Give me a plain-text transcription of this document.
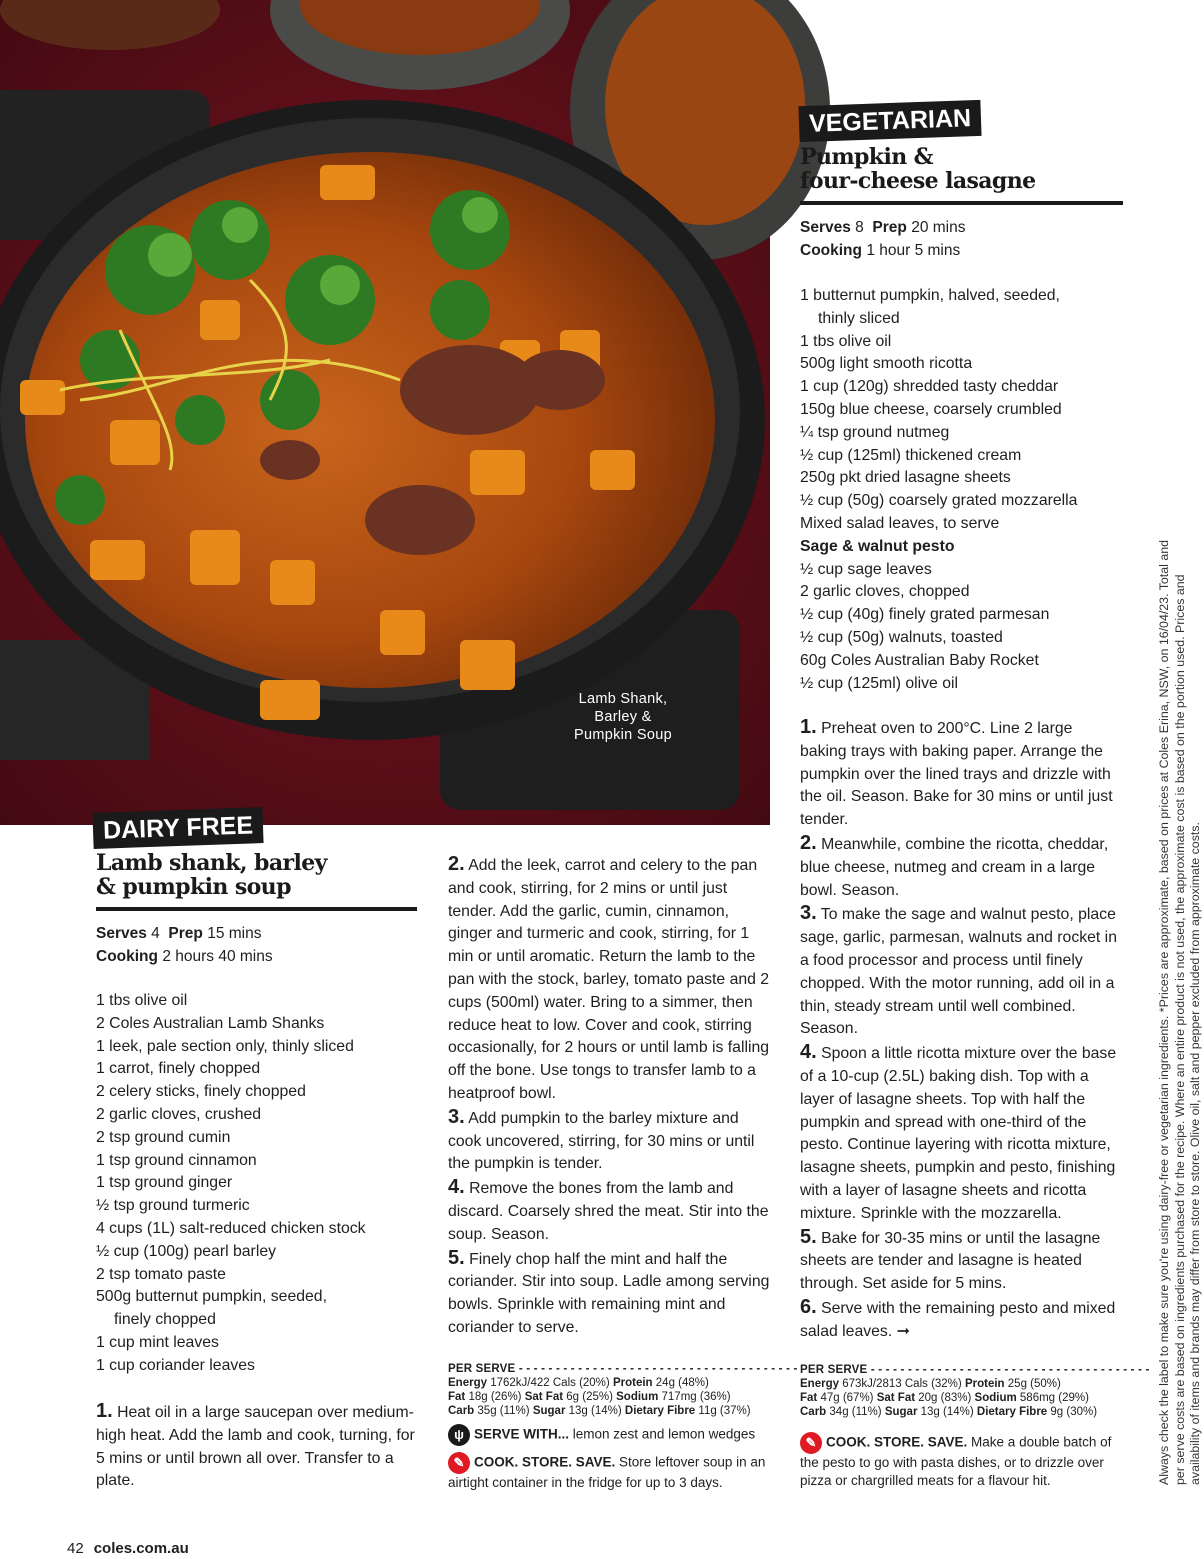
Lamb Shank,
Barley &
Pumpkin Soup
VEGETARIAN
Pumpkin &
four-cheese lasagne
Serves 8 Prep 20 mins
Cooking 1 hour 5 mins
1 butternut pumpkin, halved, seeded,
thinly sliced
1 tbs olive oil
500g light smooth ricotta
1 cup (120g) shredded tasty cheddar
150g blue cheese, coarsely crumbled
¼ tsp ground nutmeg
½ cup (125ml) thickened cream
250g pkt dried lasagne sheets
½ cup (50g) coarsely grated mozzarella
Mixed salad leaves, to serve
Sage & walnut pesto
½ cup sage leaves
2 garlic cloves, chopped
½ cup (40g) finely grated parmesan
½ cup (50g) walnuts, toasted
60g Coles Australian Baby Rocket
½ cup (125ml) olive oil

1. Preheat oven to 200°C. Line 2 large baking trays with baking paper. Arrange the pumpkin over the lined trays and drizzle with the oil. Season. Bake for 30 mins or until just tender.

2. Meanwhile, combine the ricotta, cheddar, blue cheese, nutmeg and cream in a large bowl. Season.

3. To make the sage and walnut pesto, place sage, garlic, parmesan, walnuts and rocket in a food processor and process until finely chopped. With the motor running, add oil in a thin, steady stream until well combined. Season.

4. Spoon a little ricotta mixture over the base of a 10-cup (2.5L) baking dish. Top with a layer of lasagne sheets. Top with half the pumpkin and spread with one-third of the pesto. Continue layering with ricotta mixture, lasagne sheets, pumpkin and pesto, finishing with a layer of lasagne sheets and ricotta mixture. Sprinkle with the mozzarella.

5. Bake for 30-35 mins or until the lasagne sheets are tender and lasagne is heated through. Set aside for 5 mins.

6. Serve with the remaining pesto and mixed salad leaves. ➞

PER SERVE - - - - - - - - - - - - - - - - - - - - - - - - - - - - - - - - - - - - - -
Energy 673kJ/2813 Cals (32%) Protein 25g (50%)
Fat 47g (67%) Sat Fat 20g (83%) Sodium 586mg (29%)
Carb 34g (11%) Sugar 13g (14%) Dietary Fibre 9g (30%)
✎ COOK. STORE. SAVE. Make a double batch of the pesto to go with pasta dishes, or to drizzle over pizza or chargrilled meats for a flavour hit.
DAIRY FREE
Lamb shank, barley
& pumpkin soup
Serves 4 Prep 15 mins
Cooking 2 hours 40 mins
1 tbs olive oil
2 Coles Australian Lamb Shanks
1 leek, pale section only, thinly sliced
1 carrot, finely chopped
2 celery sticks, finely chopped
2 garlic cloves, crushed
2 tsp ground cumin
1 tsp ground cinnamon
1 tsp ground ginger
½ tsp ground turmeric
4 cups (1L) salt-reduced chicken stock
½ cup (100g) pearl barley
2 tsp tomato paste
500g butternut pumpkin, seeded,
finely chopped
1 cup mint leaves
1 cup coriander leaves

1. Heat oil in a large saucepan over medium-high heat. Add the lamb and cook, turning, for 5 mins or until brown all over. Transfer to a plate.

2. Add the leek, carrot and celery to the pan and cook, stirring, for 2 mins or until just tender. Add the garlic, cumin, cinnamon, ginger and turmeric and cook, stirring, for 1 min or until aromatic. Return the lamb to the pan with the stock, barley, tomato paste and 2 cups (500ml) water. Bring to a simmer, then reduce heat to low. Cover and cook, stirring occasionally, for 2 hours or until lamb is falling off the bone. Use tongs to transfer lamb to a heatproof bowl.

3. Add pumpkin to the barley mixture and cook uncovered, stirring, for 30 mins or until the pumpkin is tender.

4. Remove the bones from the lamb and discard. Coarsely shred the meat. Stir into the soup. Season.

5. Finely chop half the mint and half the coriander. Stir into soup. Ladle among serving bowls. Sprinkle with remaining mint and coriander to serve.

PER SERVE - - - - - - - - - - - - - - - - - - - - - - - - - - - - - - - - - - - - - -
Energy 1762kJ/422 Cals (20%) Protein 24g (48%)
Fat 18g (26%) Sat Fat 6g (25%) Sodium 717mg (36%)
Carb 35g (11%) Sugar 13g (14%) Dietary Fibre 11g (37%)
ψ SERVE WITH... lemon zest and lemon wedges
✎ COOK. STORE. SAVE. Store leftover soup in an airtight container in the fridge for up to 3 days.	Always check the label to make sure you're using dairy-free or vegetarian ingredients. *Prices are approximate, based on prices at Coles Erina, NSW, on 16/04/23. Total and per serve costs are based on ingredients purchased for the recipe. Where an entire product is not used, the approximate cost is based on the portion used. Prices and availability of items and brands may differ from store to store. Olive oil, salt and pepper excluded from approximate costs.
42 coles.com.au
